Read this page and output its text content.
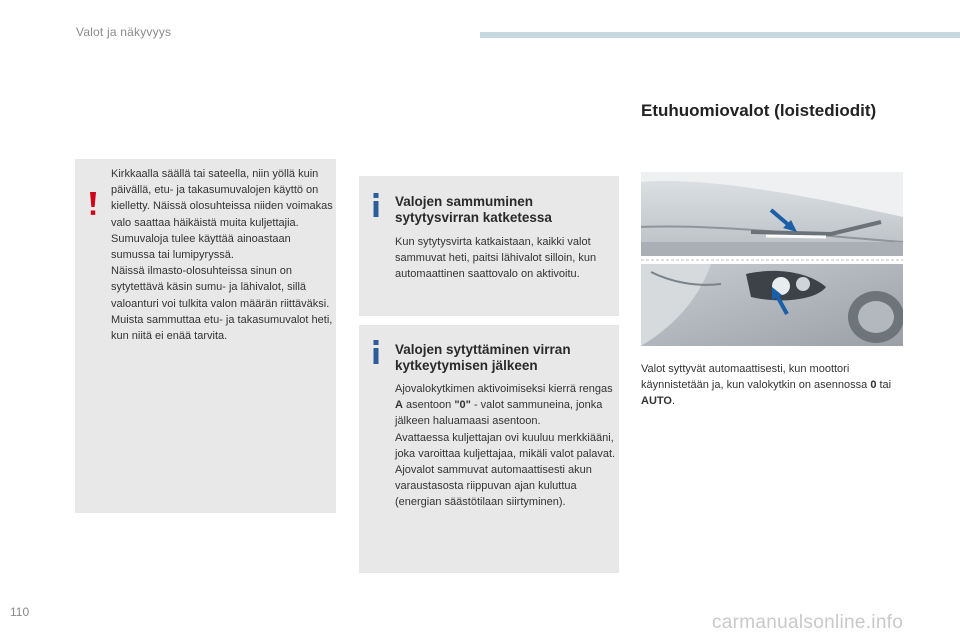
Valot ja näkyvyys

Kirkkaalla säällä tai sateella, niin yöllä kuin päivällä, etu- ja takasumuvalojen käyttö on kielletty. Näissä olosuhteissa niiden voimakas valo saattaa häikäistä muita kuljettajia. Sumuvaloja tulee käyttää ainoastaan sumussa tai lumipyryssä.

Näissä ilmasto-olosuhteissa sinun on sytytettävä käsin sumu- ja lähivalot, sillä valoanturi voi tulkita valon määrän riittäväksi.

Muista sammuttaa etu- ja takasumuvalot heti, kun niitä ei enää tarvita.

Valojen sammuminen sytytysvirran katketessa

Kun sytytysvirta katkaistaan, kaikki valot sammuvat heti, paitsi lähivalot silloin, kun automaattinen saattovalo on aktivoitu.

Valojen sytyttäminen virran kytkeytymisen jälkeen

Ajovalokytkimen aktivoimiseksi kierrä rengas A asentoon "0" - valot sammuneina, jonka jälkeen haluamaasi asentoon.

Avattaessa kuljettajan ovi kuuluu merkkiääni, joka varoittaa kuljettajaa, mikäli valot palavat.

Ajovalot sammuvat automaattisesti akun varaustasosta riippuvan ajan kuluttua (energian säästötilaan siirtyminen).

Etuhuomiovalot (loistediodit)
Valot syttyvät automaattisesti, kun moottori käynnistetään ja, kun valokytkin on asennossa 0 tai AUTO.
110	carmanualsonline.info
